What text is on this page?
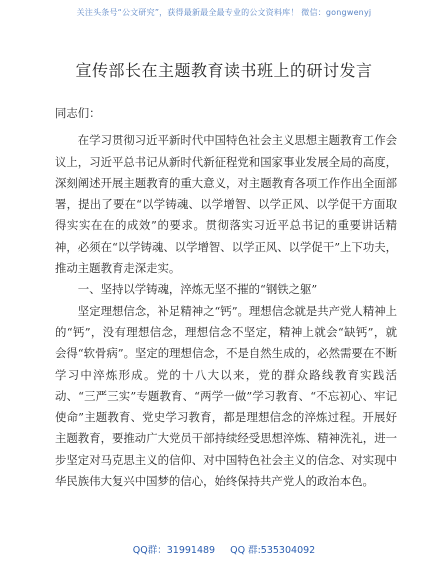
关注头条号“公文研究”，获得最新最全最专业的公文资料库！ 微信：gongwenyj
宣传部长在主题教育读书班上的研讨发言

同志们：

在学习贯彻习近平新时代中国特色社会主义思想主题教育工作会议上，习近平总书记从新时代新征程党和国家事业发展全局的高度，深刻阐述开展主题教育的重大意义，对主题教育各项工作作出全面部署，提出了要在“以学铸魂、以学增智、以学正风、以学促干方面取得实实在在的成效”的要求。贯彻落实习近平总书记的重要讲话精神，必须在“以学铸魂、以学增智、以学正风、以学促干”上下功夫，推动主题教育走深走实。

一、坚持以学铸魂，淬炼无坚不摧的“钢铁之躯”

坚定理想信念，补足精神之“钙”。理想信念就是共产党人精神上的“钙”，没有理想信念，理想信念不坚定，精神上就会“缺钙”，就会得“软骨病”。坚定的理想信念，不是自然生成的，必然需要在不断学习中淬炼形成。党的十八大以来，党的群众路线教育实践活动、“三严三实”专题教育、“两学一做”学习教育、“不忘初心、牢记使命”主题教育、党史学习教育，都是理想信念的淬炼过程。开展好主题教育，要推动广大党员干部持续经受思想淬炼、精神洗礼，进一步坚定对马克思主义的信仰、对中国特色社会主义的信念、对实现中华民族伟大复兴中国梦的信心，始终保持共产党人的政治本色。

QQ群：31991489 QQ 群:535304092
